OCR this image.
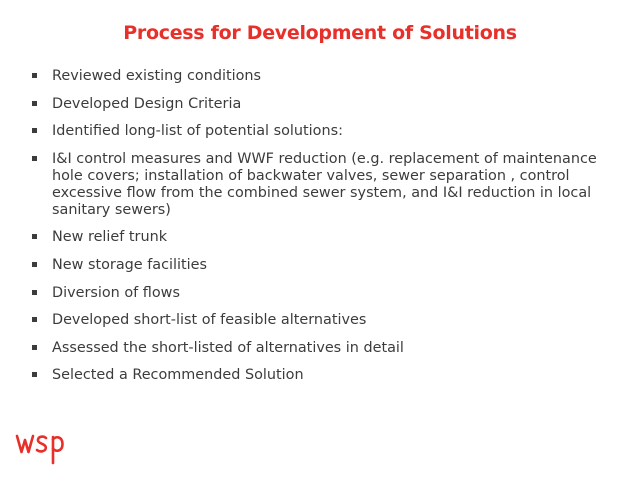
Process for Development of Solutions
Reviewed existing conditions
Developed Design Criteria
Identified long-list of potential solutions:
I&I control measures and WWF reduction (e.g. replacement of maintenance hole covers; installation of backwater valves, sewer separation , control excessive flow from the combined sewer system, and I&I reduction in local sanitary sewers)
New relief trunk
New storage facilities
Diversion of flows
Developed short-list of feasible alternatives
Assessed the short-listed of alternatives in detail
Selected a Recommended Solution
